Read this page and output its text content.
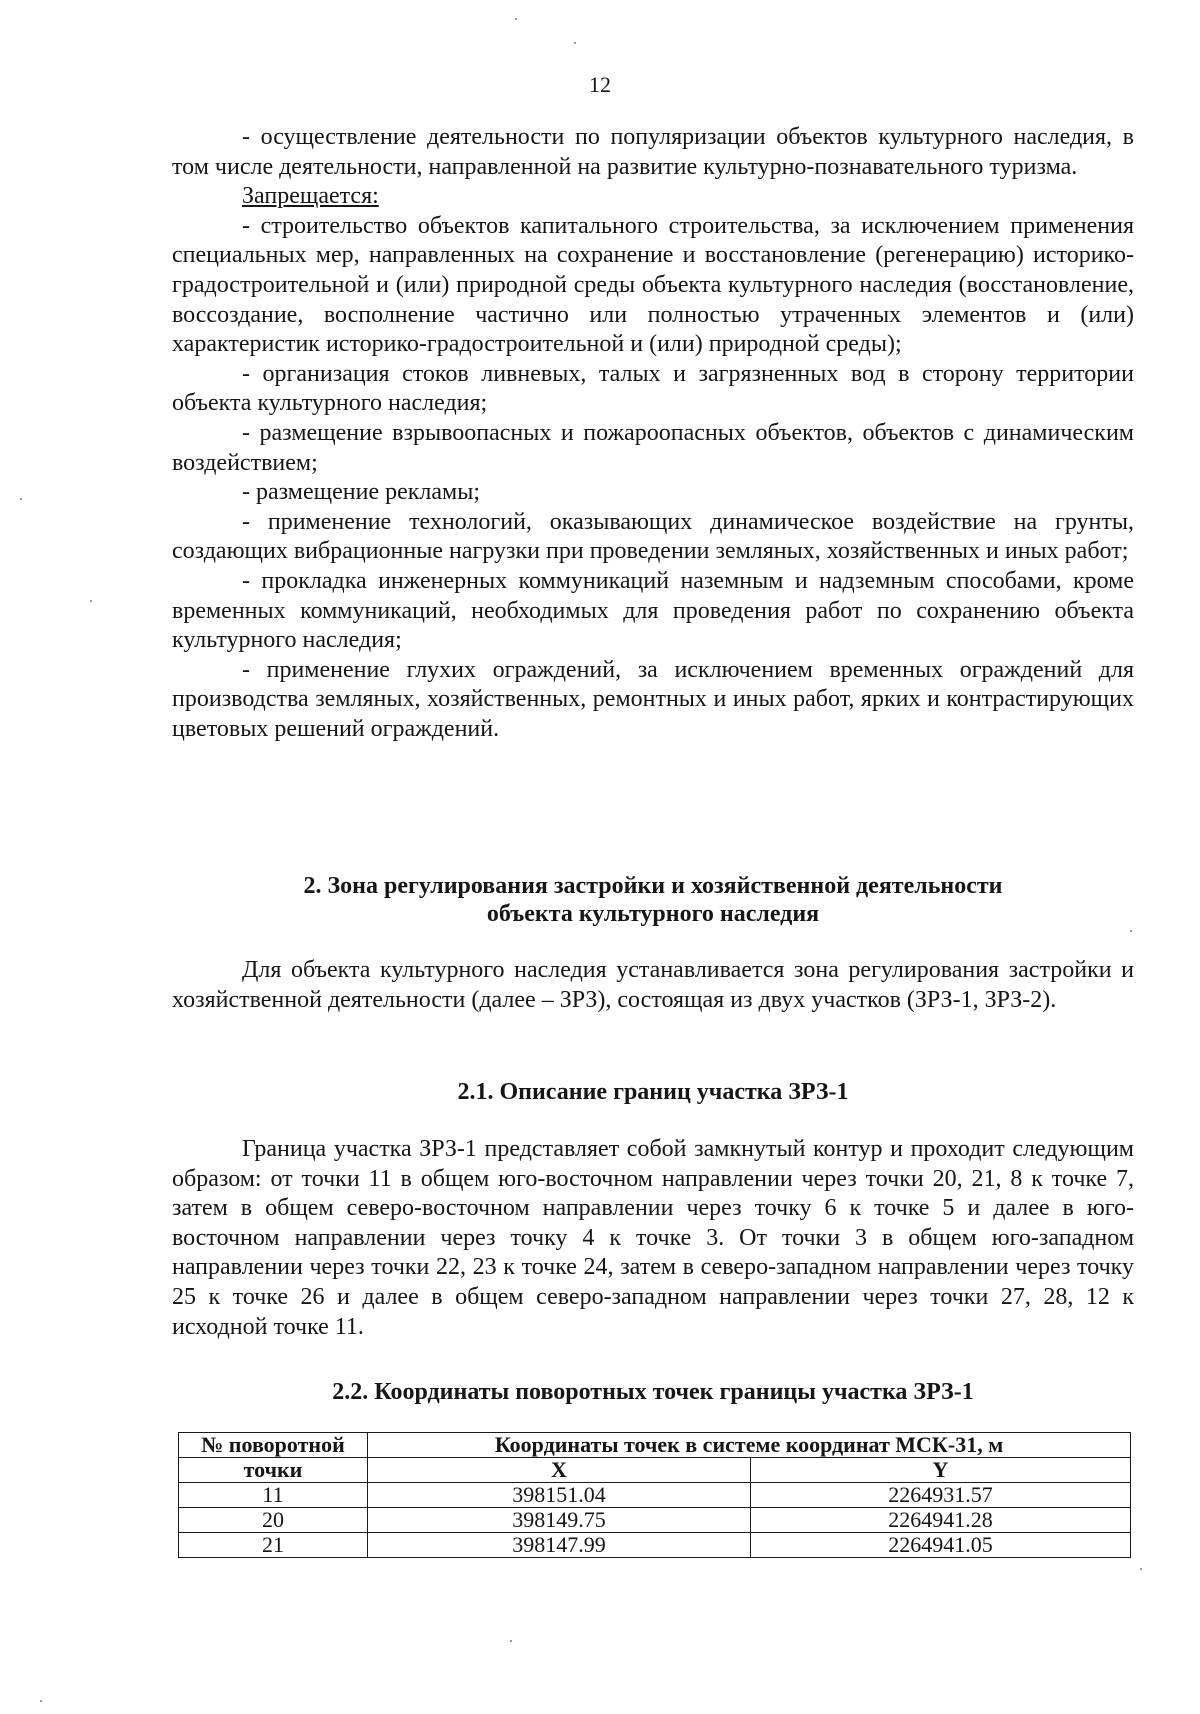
12

- осуществление деятельности по популяризации объектов культурного наследия, в том числе деятельности, направленной на развитие культурно-познавательного туризма.

Запрещается:

- строительство объектов капитального строительства, за исключением применения специальных мер, направленных на сохранение и восстановление (регенерацию) историко-градостроительной и (или) природной среды объекта культурного наследия (восстановление, воссоздание, восполнение частично или полностью утраченных элементов и (или) характеристик историко-градостроительной и (или) природной среды);

- организация стоков ливневых, талых и загрязненных вод в сторону территории объекта культурного наследия;

- размещение взрывоопасных и пожароопасных объектов, объектов с динамическим воздействием;

- размещение рекламы;

- применение технологий, оказывающих динамическое воздействие на грунты, создающих вибрационные нагрузки при проведении земляных, хозяйственных и иных работ;

- прокладка инженерных коммуникаций наземным и надземным способами, кроме временных коммуникаций, необходимых для проведения работ по сохранению объекта культурного наследия;

- применение глухих ограждений, за исключением временных ограждений для производства земляных, хозяйственных, ремонтных и иных работ, ярких и контрастирующих цветовых решений ограждений.

2. Зона регулирования застройки и хозяйственной деятельности
объекта культурного наследия

Для объекта культурного наследия устанавливается зона регулирования застройки и хозяйственной деятельности (далее – ЗРЗ), состоящая из двух участков (ЗРЗ-1, ЗРЗ-2).

2.1. Описание границ участка ЗРЗ-1

Граница участка ЗРЗ-1 представляет собой замкнутый контур и проходит следующим образом: от точки 11 в общем юго-восточном направлении через точки 20, 21, 8 к точке 7, затем в общем северо-восточном направлении через точку 6 к точке 5 и далее в юго-восточном направлении через точку 4 к точке 3. От точки 3 в общем юго-западном направлении через точки 22, 23 к точке 24, затем в северо-западном направлении через точку 25 к точке 26 и далее в общем северо-западном направлении через точки 27, 28, 12 к исходной точке 11.

2.2. Координаты поворотных точек границы участка ЗРЗ-1
№ поворотной	Координаты точек в системе координат МСК-31, м	
точки	X	Y
11	398151.04	2264931.57
20	398149.75	2264941.28
21	398147.99	2264941.05
